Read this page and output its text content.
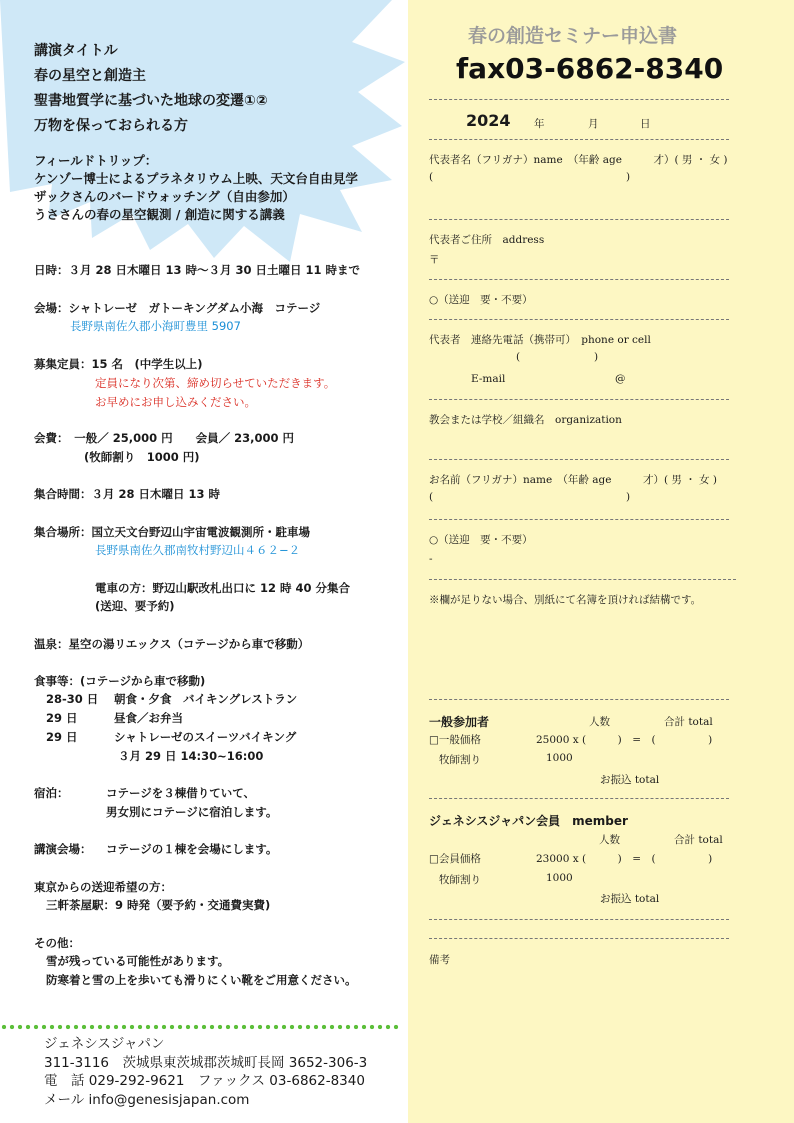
講演タイトル
春の星空と創造主
聖書地質学に基づいた地球の変遷①②
万物を保っておられる方
フィールドトリップ：
ケンゾー博士によるプラネタリウム上映、天文台自由見学
ザックさんのバードウォッチング（自由参加）
うささんの春の星空観測 / 創造に関する講義
日時：３月 28 日木曜日 13 時〜３月 30 日土曜日 11 時まで
会場：シャトレーゼ　ガトーキングダム小海　コテージ
長野県南佐久郡小海町豊里 5907
募集定員：15 名　(中学生以上)
定員になり次第、締め切らせていただきます。
お早めにお申し込みください。
会費：　一般／ 25,000 円　　会員／ 23,000 円
(牧師割り　1000 円)
集合時間：３月 28 日木曜日 13 時
集合場所：国立天文台野辺山宇宙電波観測所・駐車場
長野県南佐久郡南牧村野辺山４６２−２
電車の方：野辺山駅改札出口に 12 時 40 分集合
(送迎、要予約)
温泉：星空の湯リエックス（コテージから車で移動）
食事等：(コテージから車で移動)
28-30 日 朝食・夕食　バイキングレストラン
29 日	昼食／お弁当
29 日	シャトレーゼのスイーツバイキング
３月 29 日 14:30~16:00
宿泊：	コテージを３棟借りていて、
男女別にコテージに宿泊します。
講演会場： コテージの１棟を会場にします。
東京からの送迎希望の方：
三軒茶屋駅：9 時発（要予約・交通費実費)
その他：
雪が残っている可能性があります。
防寒着と雪の上を歩いても滑りにくい靴をご用意ください。
ジェネシスジャパン
311-3116　茨城県東茨城郡茨城町長岡 3652-306-3
電　話 029-292-9621　ファックス 03-6862-8340
メール info@genesisjapan.com
春の創造セミナー申込書
fax03-6862-8340
2024 年	月	日
代表者名（フリガナ）name　（年齢 age　　　才）( 男 ・ 女 )
(	)
代表者ご住所　address
〒
○（送迎　要・不要）
代表者　連絡先電話（携帯可）　phone or cell
(	)
E-mail	@
教会または学校／組織名　organization
お名前（フリガナ）name　（年齢 age　　　才）( 男 ・ 女 )
(	)
○（送迎　要・不要）
-
※欄が足りない場合、別紙にて名簿を頂ければ結構です。
一般参加者	人数	合計 total
□一般価格	25000 x (　　　)　=　(　　　　　)
牧師割り	1000
お振込 total
ジェネシスジャパン会員　member
人数	合計 total
□会員価格	23000 x (　　　)　=　(　　　　　)
牧師割り	1000
お振込 total
備考
